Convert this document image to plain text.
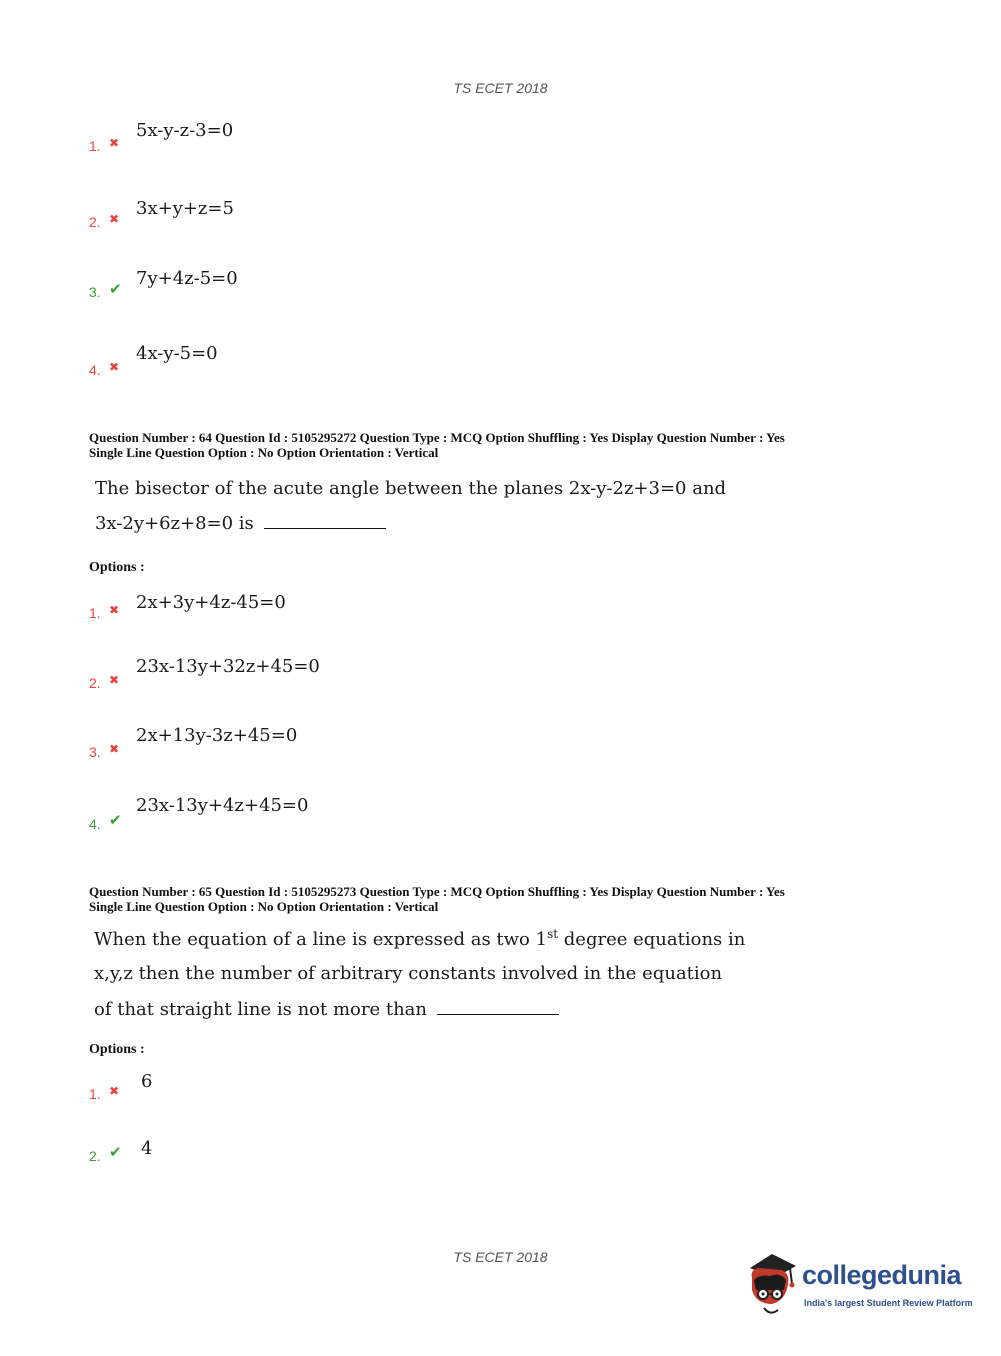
TS ECET 2018
1. ✖
5x-y-z-3=0
2. ✖ 3x+y+z=5
3. ✔ 7y+4z-5=0
4. ✖
4x-y-5=0
Question Number : 64 Question Id : 5105295272 Question Type : MCQ Option Shuffling : Yes Display Question Number : Yes
Single Line Question Option : No Option Orientation : Vertical
The bisector of the acute angle between the planes 2x-y-2z+3=0 and
3x-2y+6z+8=0 is
Options :
1. ✖ 2x+3y+4z-45=0
2. ✖
23x-13y+32z+45=0
3. ✖
2x+13y-3z+45=0
4. ✔
23x-13y+4z+45=0
Question Number : 65 Question Id : 5105295273 Question Type : MCQ Option Shuffling : Yes Display Question Number : Yes
Single Line Question Option : No Option Orientation : Vertical
When the equation of a line is expressed as two 1st degree equations in
x,y,z then the number of arbitrary constants involved in the equation
of that straight line is not more than
Options :
1. ✖ 6
2. ✔ 4
TS ECET 2018
collegedunia
India's largest Student Review Platform
